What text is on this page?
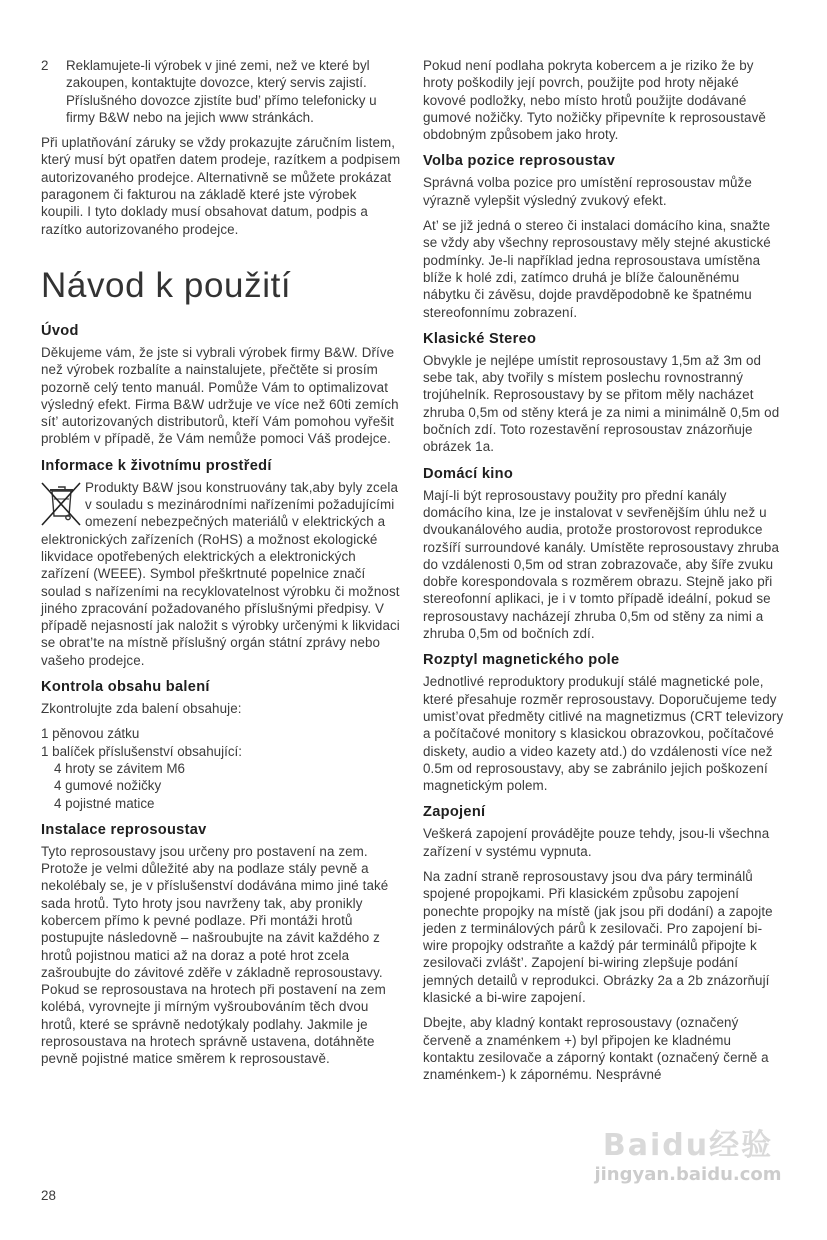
2	Reklamujete-li výrobek v jiné zemi, než ve které byl zakoupen, kontaktujte dovozce, který servis zajistí. Příslušného dovozce zjistíte bud’ přímo telefonicky u firmy B&W nebo na jejich www stránkách.

Při uplatňování záruky se vždy prokazujte záručním listem, který musí být opatřen datem prodeje, razítkem a podpisem autorizovaného prodejce. Alternativně se můžete prokázat paragonem či fakturou na základě které jste výrobek koupili. I tyto doklady musí obsahovat datum, podpis a razítko autorizovaného prodejce.

Návod k použití
Úvod

Děkujeme vám, že jste si vybrali výrobek firmy B&W. Dříve než výrobek rozbalíte a nainstalujete, přečtěte si prosím pozorně celý tento manuál. Pomůže Vám to optimalizovat výsledný efekt. Firma B&W udržuje ve více než 60ti zemích sít’ autorizovaných distributorů, kteří Vám pomohou vyřešit problém v případě, že Vám nemůže pomoci Váš prodejce.

Informace k životnímu prostředí

Produkty B&W jsou konstruovány tak,aby byly zcela v souladu s mezinárodními nařízeními požadujícími omezení nebezpečných materiálů v elektrických a elektronických zařízeních (RoHS) a možnost ekologické likvidace opotřebených elektrických a elektronických zařízení (WEEE). Symbol přeškrtnuté popelnice značí soulad s nařízeními na recyklovatelnost výrobku či možnost jiného zpracování požadovaného příslušnými předpisy. V případě nejasností jak naložit s výrobky určenými k likvidaci se obrat’te na místně příslušný orgán státní zprávy nebo vašeho prodejce.

Kontrola obsahu balení

Zkontrolujte zda balení obsahuje:

1 pěnovou zátku
1 balíček příslušenství obsahující:
4 hroty se závitem M6
4 gumové nožičky
4 pojistné matice
Instalace reprosoustav

Tyto reprosoustavy jsou určeny pro postavení na zem. Protože je velmi důležité aby na podlaze stály pevně a nekolébaly se, je v příslušenství dodávána mimo jiné také sada hrotů. Tyto hroty jsou navrženy tak, aby pronikly kobercem přímo k pevné podlaze. Při montáži hrotů postupujte následovně – našroubujte na závit každého z hrotů pojistnou matici až na doraz a poté hrot zcela zašroubujte do závitové zděře v základně reprosoustavy. Pokud se reprosoustava na hrotech při postavení na zem kolébá, vyrovnejte ji mírným vyšroubováním těch dvou hrotů, které se správně nedotýkaly podlahy. Jakmile je reprosoustava na hrotech správně ustavena, dotáhněte pevně pojistné matice směrem k reprosoustavě.

Pokud není podlaha pokryta kobercem a je riziko že by hroty poškodily její povrch, použijte pod hroty nějaké kovové podložky, nebo místo hrotů použijte dodávané gumové nožičky. Tyto nožičky připevníte k reprosoustavě obdobným způsobem jako hroty.

Volba pozice reprosoustav

Správná volba pozice pro umístění reprosoustav může výrazně vylepšit výsledný zvukový efekt.

At’ se již jedná o stereo či instalaci domácího kina, snažte se vždy aby všechny reprosoustavy měly stejné akustické podmínky. Je-li například jedna reprosoustava umístěna blíže k holé zdi, zatímco druhá je blíže čalouněnému nábytku či závěsu, dojde pravděpodobně ke špatnému stereofonnímu zobrazení.

Klasické Stereo

Obvykle je nejlépe umístit reprosoustavy 1,5m až 3m od sebe tak, aby tvořily s místem poslechu rovnostranný trojúhelník. Reprosoustavy by se přitom měly nacházet zhruba 0,5m od stěny která je za nimi a minimálně 0,5m od bočních zdí. Toto rozestavění reprosoustav znázorňuje obrázek 1a.

Domácí kino

Mají-li být reprosoustavy použity pro přední kanály domácího kina, lze je instalovat v sevřenějším úhlu než u dvoukanálového audia, protože prostorovost reprodukce rozšíří surroundové kanály. Umístěte reprosoustavy zhruba do vzdálenosti 0,5m od stran zobrazovače, aby šíře zvuku dobře korespondovala s rozměrem obrazu. Stejně jako při stereofonní aplikaci, je i v tomto případě ideální, pokud se reprosoustavy nacházejí zhruba 0,5m od stěny za nimi a zhruba 0,5m od bočních zdí.

Rozptyl magnetického pole

Jednotlivé reproduktory produkují stálé magnetické pole, které přesahuje rozměr reprosoustavy. Doporučujeme tedy umist’ovat předměty citlivé na magnetizmus (CRT televizory a počítačové monitory s klasickou obrazovkou, počítačové diskety, audio a video kazety atd.) do vzdálenosti více než 0.5m od reprosoustavy, aby se zabránilo jejich poškození magnetickým polem.

Zapojení

Veškerá zapojení provádějte pouze tehdy, jsou-li všechna zařízení v systému vypnuta.

Na zadní straně reprosoustavy jsou dva páry terminálů spojené propojkami. Při klasickém způsobu zapojení ponechte propojky na místě (jak jsou při dodání) a zapojte jeden z terminálových párů k zesilovači. Pro zapojení bi-wire propojky odstraňte a každý pár terminálů připojte k zesilovači zvlášt’. Zapojení bi-wiring zlepšuje podání jemných detailů v reprodukci. Obrázky 2a a 2b znázorňují klasické a bi-wire zapojení.

Dbejte, aby kladný kontakt reprosoustavy (označený červeně a znaménkem +) byl připojen ke kladnému kontaktu zesilovače a záporný kontakt (označený černě a znaménkem-) k zápornému. Nesprávné

28
Baidu经验
jingyan.baidu.com
